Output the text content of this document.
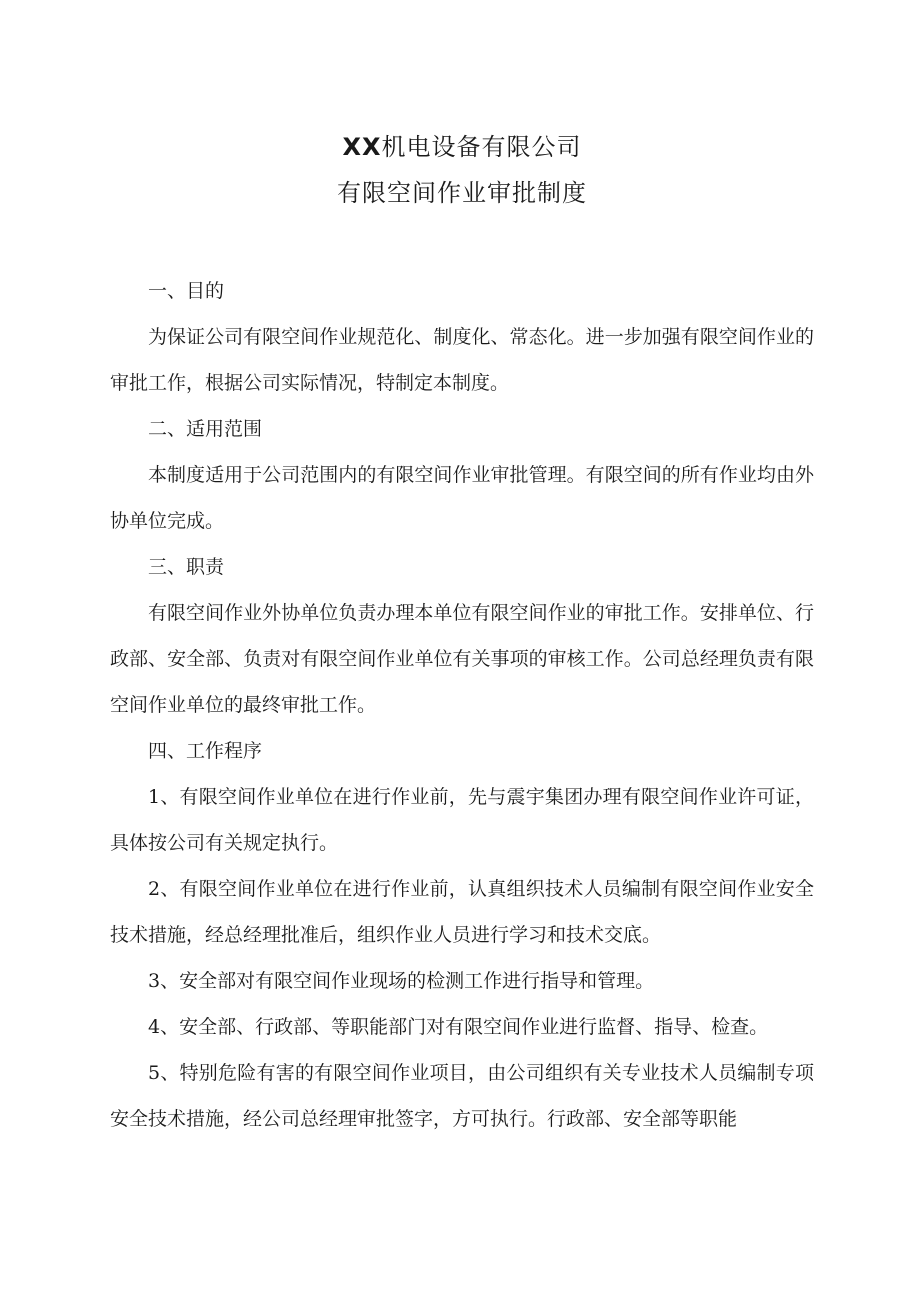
XX机电设备有限公司
有限空间作业审批制度

一、目的

为保证公司有限空间作业规范化、制度化、常态化。进一步加强有限空间作业的审批工作，根据公司实际情况，特制定本制度。

二、适用范围

本制度适用于公司范围内的有限空间作业审批管理。有限空间的所有作业均由外协单位完成。

三、职责

有限空间作业外协单位负责办理本单位有限空间作业的审批工作。安排单位、行政部、安全部、负责对有限空间作业单位有关事项的审核工作。公司总经理负责有限空间作业单位的最终审批工作。

四、工作程序

1、有限空间作业单位在进行作业前，先与震宇集团办理有限空间作业许可证，具体按公司有关规定执行。

2、有限空间作业单位在进行作业前，认真组织技术人员编制有限空间作业安全技术措施，经总经理批准后，组织作业人员进行学习和技术交底。

3、安全部对有限空间作业现场的检测工作进行指导和管理。

4、安全部、行政部、等职能部门对有限空间作业进行监督、指导、检查。

5、特别危险有害的有限空间作业项目，由公司组织有关专业技术人员编制专项安全技术措施，经公司总经理审批签字，方可执行。行政部、安全部等职能
